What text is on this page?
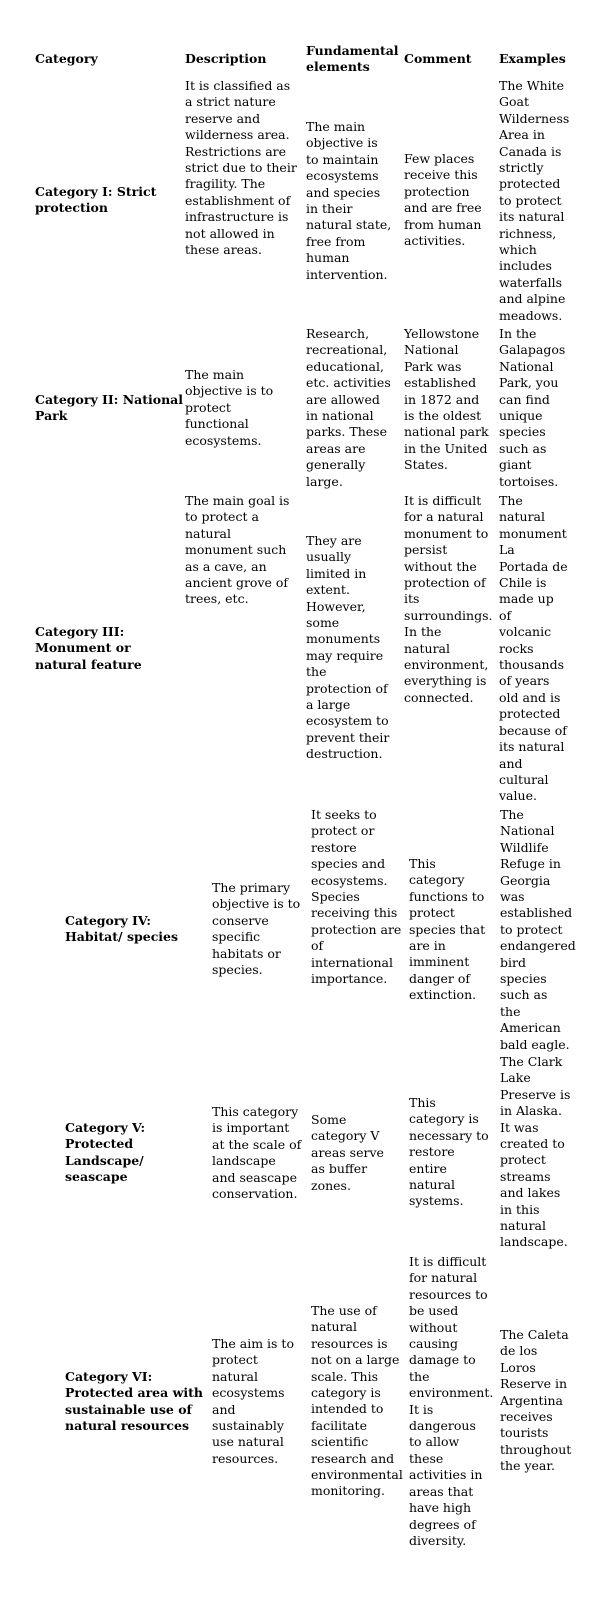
Category	Description
Fundamental
elements
Comment Examples
Category I: Strict
protection
It is classified as
a strict nature
reserve and
wilderness area.
Restrictions are
strict due to their
fragility. The
establishment of
infrastructure is
not allowed in
these areas.
The main
objective is
to maintain
ecosystems
and species
in their
natural state,
free from
human
intervention.
Few places
receive this
protection
and are free
from human
activities.
The White
Goat
Wilderness
Area in
Canada is
strictly
protected
to protect
its natural
richness,
which
includes
waterfalls
and alpine
meadows.
Category II: National
Park
The main
objective is to
protect
functional
ecosystems.
Research,
recreational,
educational,
etc. activities
are allowed
in national
parks. These
areas are
generally
large.
Yellowstone
National
Park was
established
in 1872 and
is the oldest
national park
in the United
States.
In the
Galapagos
National
Park, you
can find
unique
species
such as
giant
tortoises.
Category III:
Monument or
natural feature
The main goal is
to protect a
natural
monument such
as a cave, an
ancient grove of
trees, etc.
They are
usually
limited in
extent.
However,
some
monuments
may require
the
protection of
a large
ecosystem to
prevent their
destruction.
It is difficult
for a natural
monument to
persist
without the
protection of
its
surroundings.
In the
natural
environment,
everything is
connected.
The
natural
monument
La
Portada de
Chile is
made up
of
volcanic
rocks
thousands
of years
old and is
protected
because of
its natural
and
cultural
value.
Category IV:
Habitat/ species
The primary
objective is to
conserve
specific
habitats or
species.
It seeks to
protect or
restore
species and
ecosystems.
Species
receiving this
protection are
of
international
importance.
This
category
functions to
protect
species that
are in
imminent
danger of
extinction.
The
National
Wildlife
Refuge in
Georgia
was
established
to protect
endangered
bird
species
such as
the
American
bald eagle.
Category V:
Protected
Landscape/
seascape
This category
is important
at the scale of
landscape
and seascape
conservation.
Some
category V
areas serve
as buffer
zones.
This
category is
necessary to
restore
entire
natural
systems.
The Clark
Lake
Preserve is
in Alaska.
It was
created to
protect
streams
and lakes
in this
natural
landscape.
Category VI:
Protected area with
sustainable use of
natural resources
The aim is to
protect
natural
ecosystems
and
sustainably
use natural
resources.
The use of
natural
resources is
not on a large
scale. This
category is
intended to
facilitate
scientific
research and
environmental
monitoring.
It is difficult
for natural
resources to
be used
without
causing
damage to
the
environment.
It is
dangerous
to allow
these
activities in
areas that
have high
degrees of
diversity.
The Caleta
de los
Loros
Reserve in
Argentina
receives
tourists
throughout
the year.
